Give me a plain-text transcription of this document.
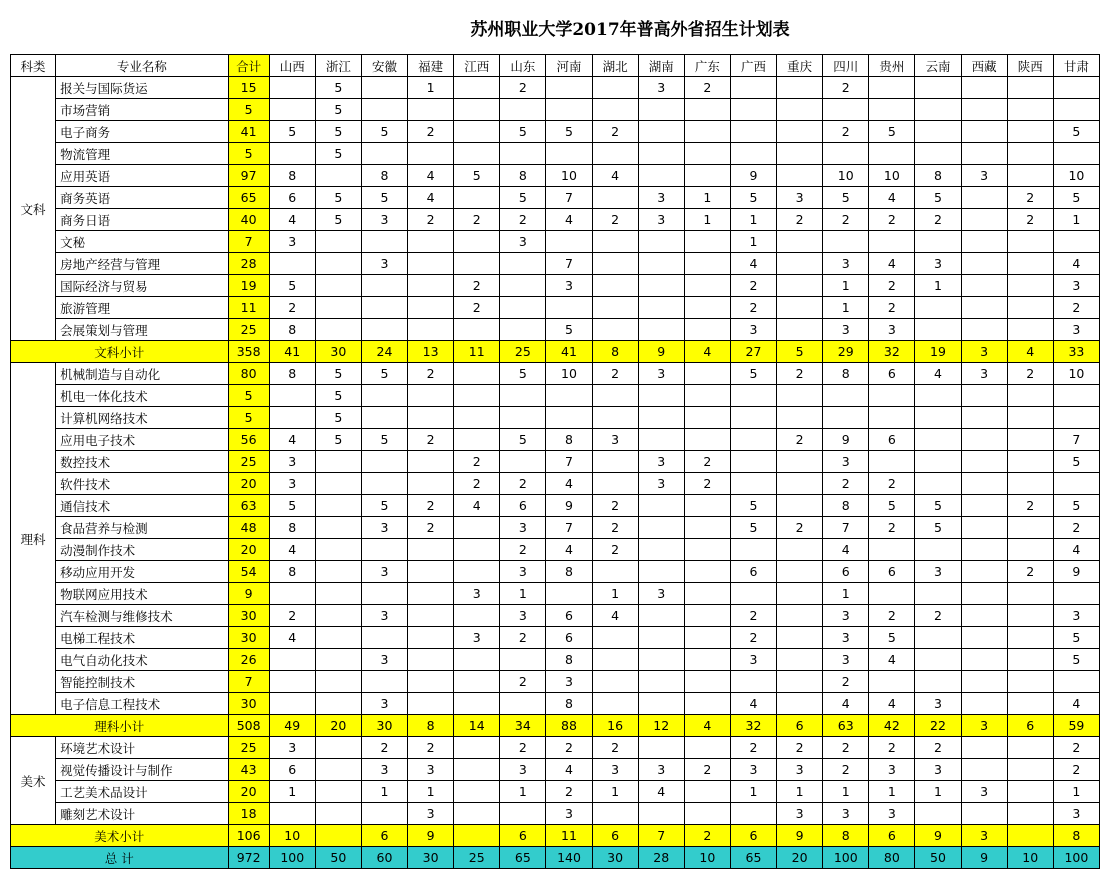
苏州职业大学2017年普高外省招生计划表
科类	专业名称	合计	山西	浙江	安徽	福建	江西	山东	河南	湖北	湖南	广东	广西	重庆	四川	贵州	云南	西藏	陕西	甘肃
文科	报关与国际货运	15		5		1		2			3	2			2					
	市场营销	5		5																
	电子商务	41	5	5	5	2		5	5	2					2	5				5
	物流管理	5		5																
	应用英语	97	8		8	4	5	8	10	4			9		10	10	8	3		10
	商务英语	65	6	5	5	4		5	7		3	1	5	3	5	4	5		2	5
	商务日语	40	4	5	3	2	2	2	4	2	3	1	1	2	2	2	2		2	1
	文秘	7	3					3					1							
	房地产经营与管理	28			3				7				4		3	4	3			4
	国际经济与贸易	19	5				2		3				2		1	2	1			3
	旅游管理	11	2				2						2		1	2				2
	会展策划与管理	25	8						5				3		3	3				3
文科小计		358	41	30	24	13	11	25	41	8	9	4	27	5	29	32	19	3	4	33
理科	机械制造与自动化	80	8	5	5	2		5	10	2	3		5	2	8	6	4	3	2	10
	机电一体化技术	5		5																
	计算机网络技术	5		5																
	应用电子技术	56	4	5	5	2		5	8	3				2	9	6				7
	数控技术	25	3				2		7		3	2			3					5
	软件技术	20	3				2	2	4		3	2			2	2				
	通信技术	63	5		5	2	4	6	9	2			5		8	5	5		2	5
	食品营养与检测	48	8		3	2		3	7	2			5	2	7	2	5			2
	动漫制作技术	20	4					2	4	2					4					4
	移动应用开发	54	8		3			3	8				6		6	6	3		2	9
	物联网应用技术	9					3	1		1	3				1					
	汽车检测与维修技术	30	2		3			3	6	4			2		3	2	2			3
	电梯工程技术	30	4				3	2	6				2		3	5				5
	电气自动化技术	26			3				8				3		3	4				5
	智能控制技术	7						2	3						2					
	电子信息工程技术	30			3				8				4		4	4	3			4
理科小计		508	49	20	30	8	14	34	88	16	12	4	32	6	63	42	22	3	6	59
美术	环境艺术设计	25	3		2	2		2	2	2			2	2	2	2	2			2
	视觉传播设计与制作	43	6		3	3		3	4	3	3	2	3	3	2	3	3			2
	工艺美术品设计	20	1		1	1		1	2	1	4		1	1	1	1	1	3		1
	雕刻艺术设计	18				3			3					3	3	3				3
美术小计		106	10		6	9		6	11	6	7	2	6	9	8	6	9	3		8
总 计		972	100	50	60	30	25	65	140	30	28	10	65	20	100	80	50	9	10	100
